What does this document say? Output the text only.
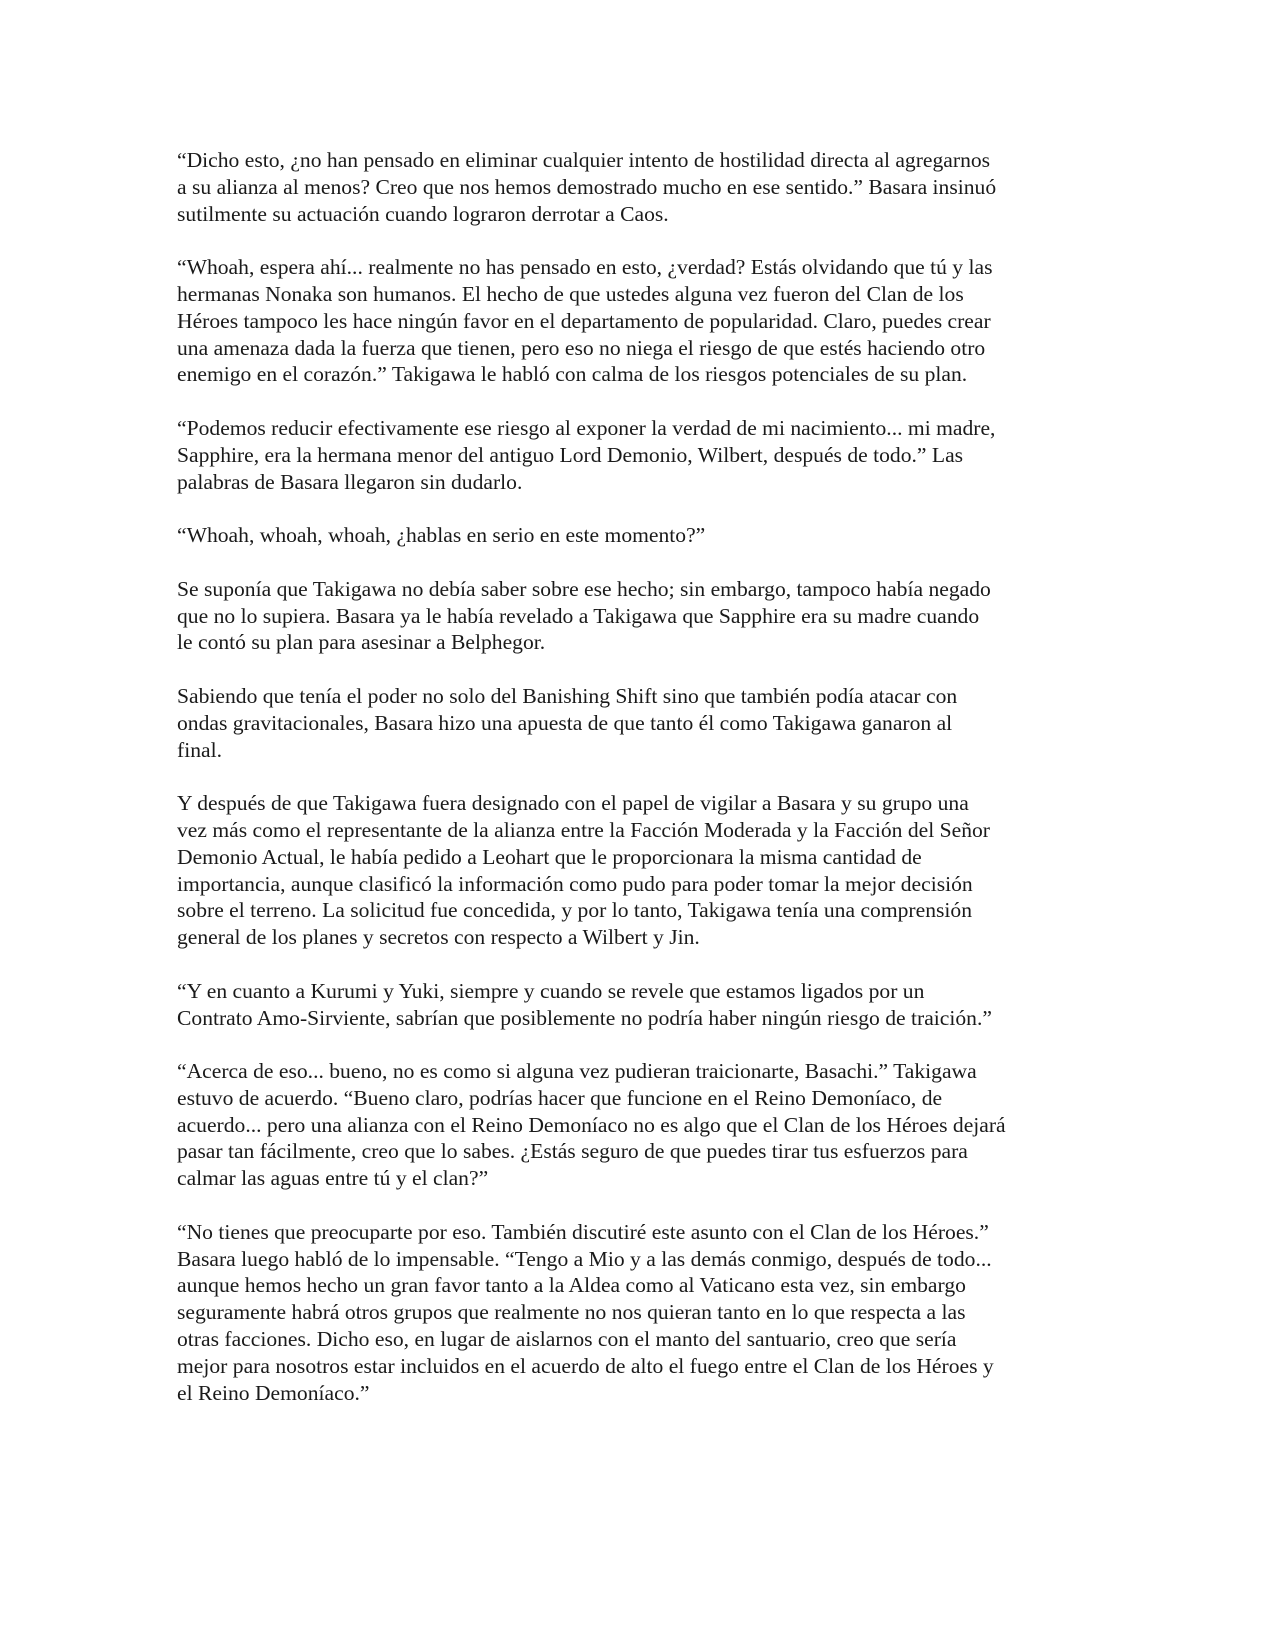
“Dicho esto, ¿no han pensado en eliminar cualquier intento de hostilidad directa al agregarnos
a su alianza al menos? Creo que nos hemos demostrado mucho en ese sentido.” Basara insinuó
sutilmente su actuación cuando lograron derrotar a Caos.

“Whoah, espera ahí... realmente no has pensado en esto, ¿verdad? Estás olvidando que tú y las
hermanas Nonaka son humanos. El hecho de que ustedes alguna vez fueron del Clan de los
Héroes tampoco les hace ningún favor en el departamento de popularidad. Claro, puedes crear
una amenaza dada la fuerza que tienen, pero eso no niega el riesgo de que estés haciendo otro
enemigo en el corazón.” Takigawa le habló con calma de los riesgos potenciales de su plan.

“Podemos reducir efectivamente ese riesgo al exponer la verdad de mi nacimiento... mi madre,
Sapphire, era la hermana menor del antiguo Lord Demonio, Wilbert, después de todo.” Las
palabras de Basara llegaron sin dudarlo.

“Whoah, whoah, whoah, ¿hablas en serio en este momento?”

Se suponía que Takigawa no debía saber sobre ese hecho; sin embargo, tampoco había negado
que no lo supiera. Basara ya le había revelado a Takigawa que Sapphire era su madre cuando
le contó su plan para asesinar a Belphegor.

Sabiendo que tenía el poder no solo del Banishing Shift sino que también podía atacar con
ondas gravitacionales, Basara hizo una apuesta de que tanto él como Takigawa ganaron al
final.

Y después de que Takigawa fuera designado con el papel de vigilar a Basara y su grupo una
vez más como el representante de la alianza entre la Facción Moderada y la Facción del Señor
Demonio Actual, le había pedido a Leohart que le proporcionara la misma cantidad de
importancia, aunque clasificó la información como pudo para poder tomar la mejor decisión
sobre el terreno. La solicitud fue concedida, y por lo tanto, Takigawa tenía una comprensión
general de los planes y secretos con respecto a Wilbert y Jin.

“Y en cuanto a Kurumi y Yuki, siempre y cuando se revele que estamos ligados por un
Contrato Amo-Sirviente, sabrían que posiblemente no podría haber ningún riesgo de traición.”

“Acerca de eso... bueno, no es como si alguna vez pudieran traicionarte, Basachi.” Takigawa
estuvo de acuerdo. “Bueno claro, podrías hacer que funcione en el Reino Demoníaco, de
acuerdo... pero una alianza con el Reino Demoníaco no es algo que el Clan de los Héroes dejará
pasar tan fácilmente, creo que lo sabes. ¿Estás seguro de que puedes tirar tus esfuerzos para
calmar las aguas entre tú y el clan?”

“No tienes que preocuparte por eso. También discutiré este asunto con el Clan de los Héroes.”
Basara luego habló de lo impensable. “Tengo a Mio y a las demás conmigo, después de todo...
aunque hemos hecho un gran favor tanto a la Aldea como al Vaticano esta vez, sin embargo
seguramente habrá otros grupos que realmente no nos quieran tanto en lo que respecta a las
otras facciones. Dicho eso, en lugar de aislarnos con el manto del santuario, creo que sería
mejor para nosotros estar incluidos en el acuerdo de alto el fuego entre el Clan de los Héroes y
el Reino Demoníaco.”
